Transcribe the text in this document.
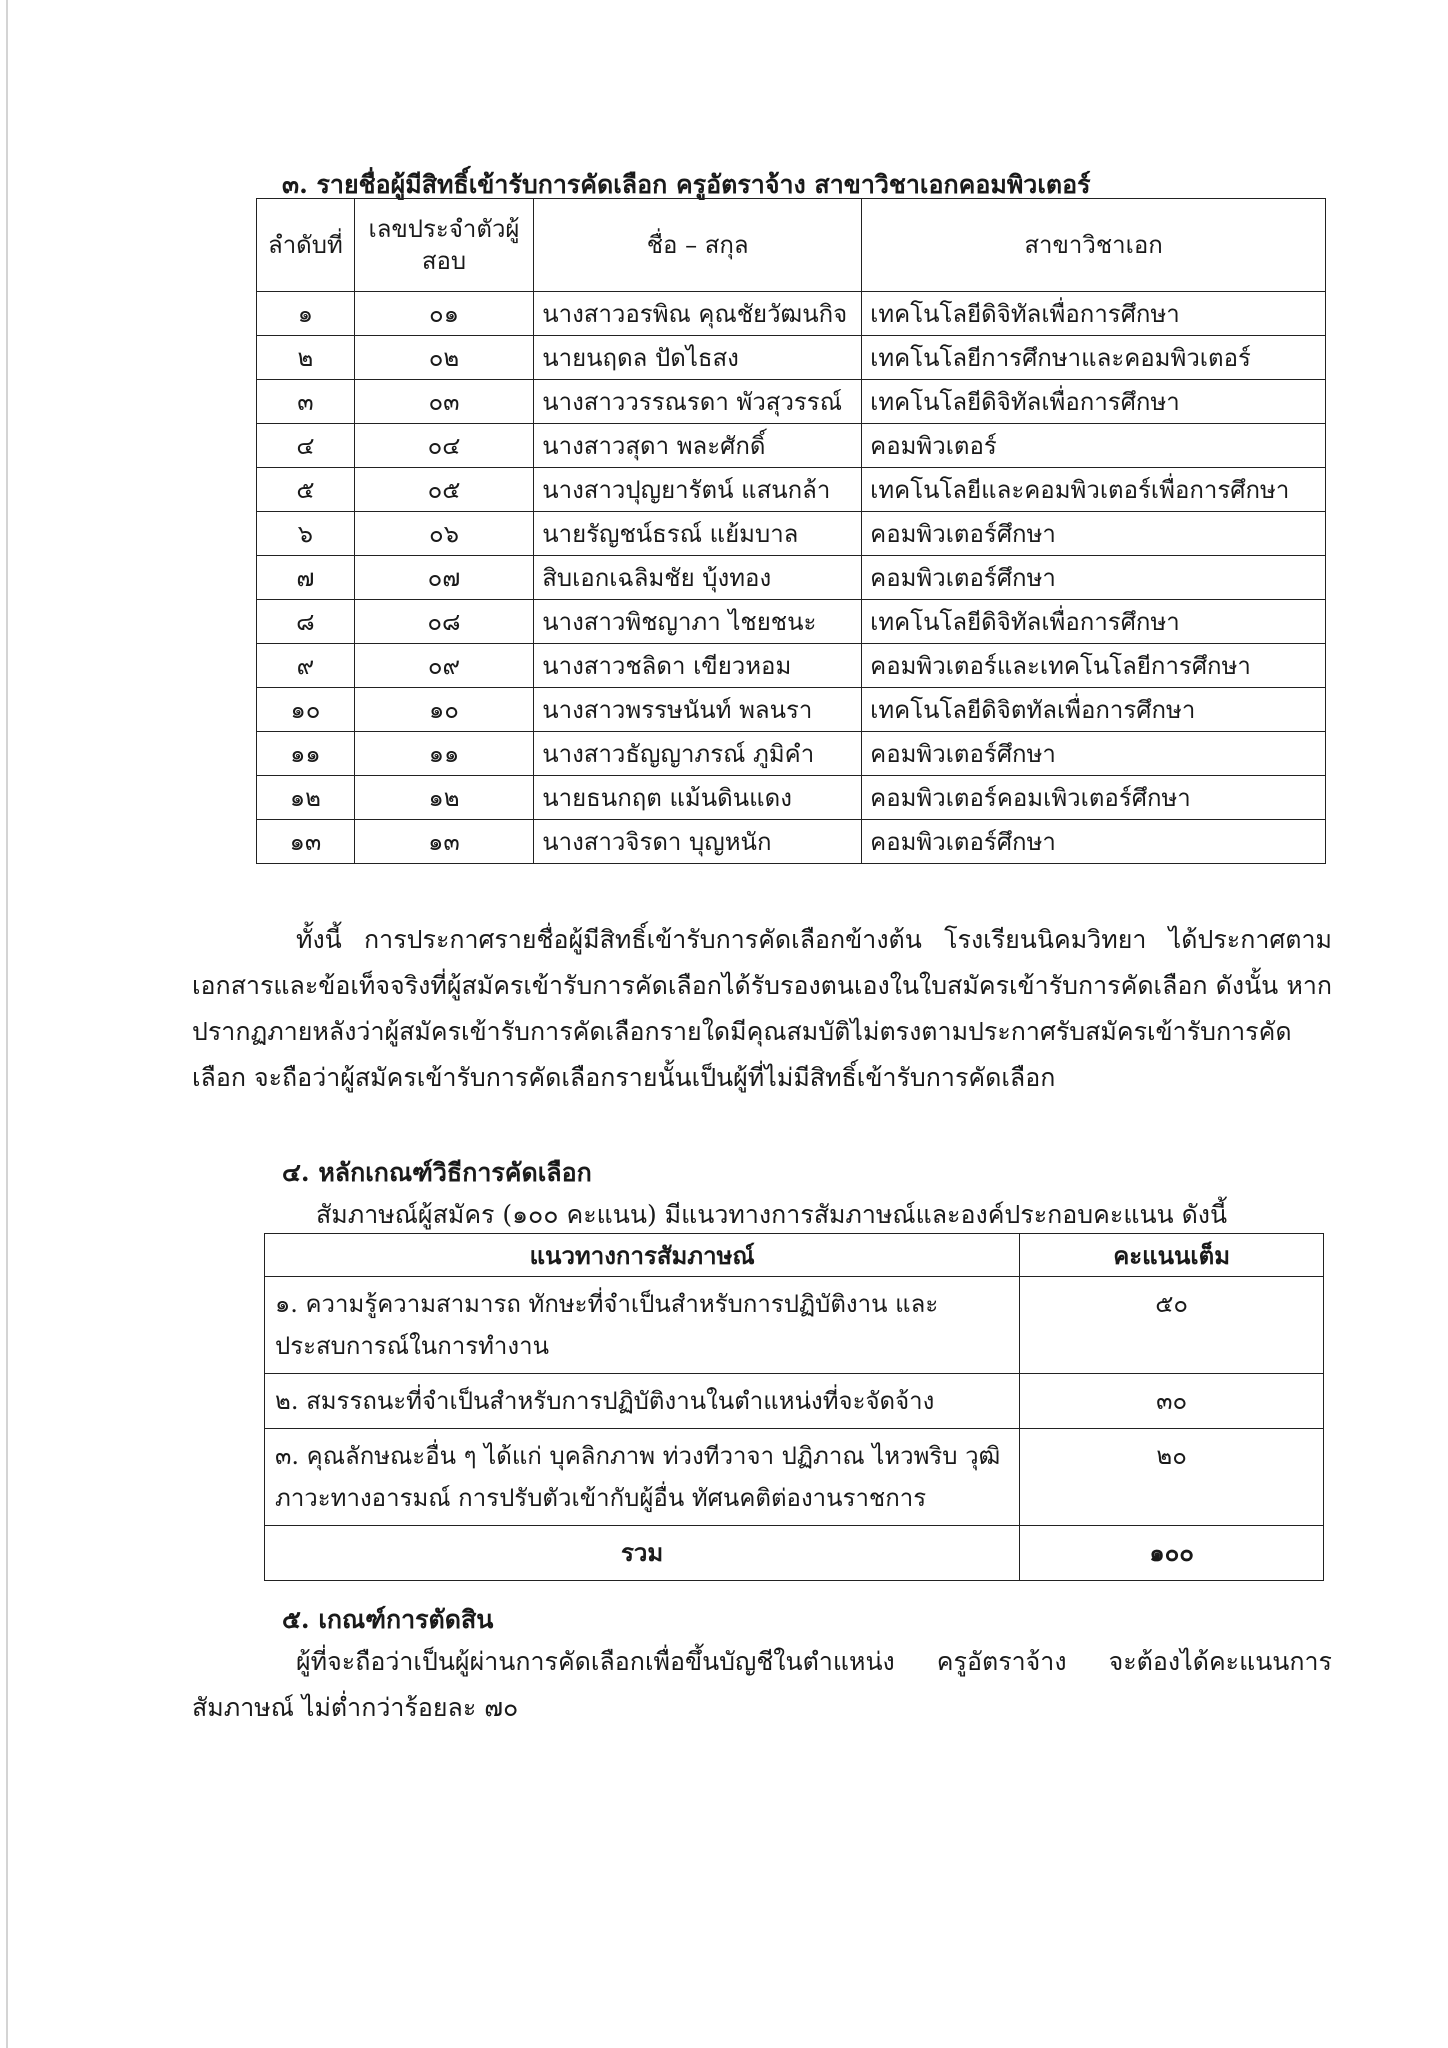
๓. รายชื่อผู้มีสิทธิ์เข้ารับการคัดเลือก ครูอัตราจ้าง สาขาวิชาเอกคอมพิวเตอร์
ลำดับที่	เลขประจำตัวผู้สอบ	ชื่อ – สกุล	สาขาวิชาเอก
๑	๐๑	นางสาวอรพิณ คุณชัยวัฒนกิจ	เทคโนโลยีดิจิทัลเพื่อการศึกษา
๒	๐๒	นายนฤดล ปัดไธสง	เทคโนโลยีการศึกษาและคอมพิวเตอร์
๓	๐๓	นางสาววรรณรดา พัวสุวรรณ์	เทคโนโลยีดิจิทัลเพื่อการศึกษา
๔	๐๔	นางสาวสุดา พละศักดิ์	คอมพิวเตอร์
๕	๐๕	นางสาวปุญยารัตน์ แสนกล้า	เทคโนโลยีและคอมพิวเตอร์เพื่อการศึกษา
๖	๐๖	นายรัญชน์ธรณ์ แย้มบาล	คอมพิวเตอร์ศึกษา
๗	๐๗	สิบเอกเฉลิมชัย บุ้งทอง	คอมพิวเตอร์ศึกษา
๘	๐๘	นางสาวพิชญาภา ไชยชนะ	เทคโนโลยีดิจิทัลเพื่อการศึกษา
๙	๐๙	นางสาวชลิดา เขียวหอม	คอมพิวเตอร์และเทคโนโลยีการศึกษา
๑๐	๑๐	นางสาวพรรษนันท์ พลนรา	เทคโนโลยีดิจิตทัลเพื่อการศึกษา
๑๑	๑๑	นางสาวธัญญาภรณ์ ภูมิคำ	คอมพิวเตอร์ศึกษา
๑๒	๑๒	นายธนกฤต แม้นดินแดง	คอมพิวเตอร์คอมเพิวเตอร์ศึกษา
๑๓	๑๓	นางสาวจิรดา บุญหนัก	คอมพิวเตอร์ศึกษา
ทั้งนี้ การประกาศรายชื่อผู้มีสิทธิ์เข้ารับการคัดเลือกข้างต้น โรงเรียนนิคมวิทยา ได้ประกาศตามเอกสารและข้อเท็จจริงที่ผู้สมัครเข้ารับการคัดเลือกได้รับรองตนเองในใบสมัครเข้ารับการคัดเลือก ดังนั้น หากปรากฏภายหลังว่าผู้สมัครเข้ารับการคัดเลือกรายใดมีคุณสมบัติไม่ตรงตามประกาศรับสมัครเข้ารับการคัดเลือก จะถือว่าผู้สมัครเข้ารับการคัดเลือกรายนั้นเป็นผู้ที่ไม่มีสิทธิ์เข้ารับการคัดเลือก
๔. หลักเกณฑ์วิธีการคัดเลือก
สัมภาษณ์ผู้สมัคร (๑๐๐ คะแนน) มีแนวทางการสัมภาษณ์และองค์ประกอบคะแนน ดังนี้
แนวทางการสัมภาษณ์	คะแนนเต็ม
๑. ความรู้ความสามารถ ทักษะที่จำเป็นสำหรับการปฏิบัติงาน และประสบการณ์ในการทำงาน	๕๐
๒. สมรรถนะที่จำเป็นสำหรับการปฏิบัติงานในตำแหน่งที่จะจัดจ้าง	๓๐
๓. คุณลักษณะอื่น ๆ ได้แก่ บุคลิกภาพ ท่วงทีวาจา ปฏิภาณ ไหวพริบ วุฒิภาวะทางอารมณ์ การปรับตัวเข้ากับผู้อื่น ทัศนคติต่องานราชการ	๒๐
รวม	๑๐๐
๕. เกณฑ์การตัดสิน
ผู้ที่จะถือว่าเป็นผู้ผ่านการคัดเลือกเพื่อขึ้นบัญชีในตำแหน่ง ครูอัตราจ้าง จะต้องได้คะแนนการสัมภาษณ์ ไม่ต่ำกว่าร้อยละ ๗๐
